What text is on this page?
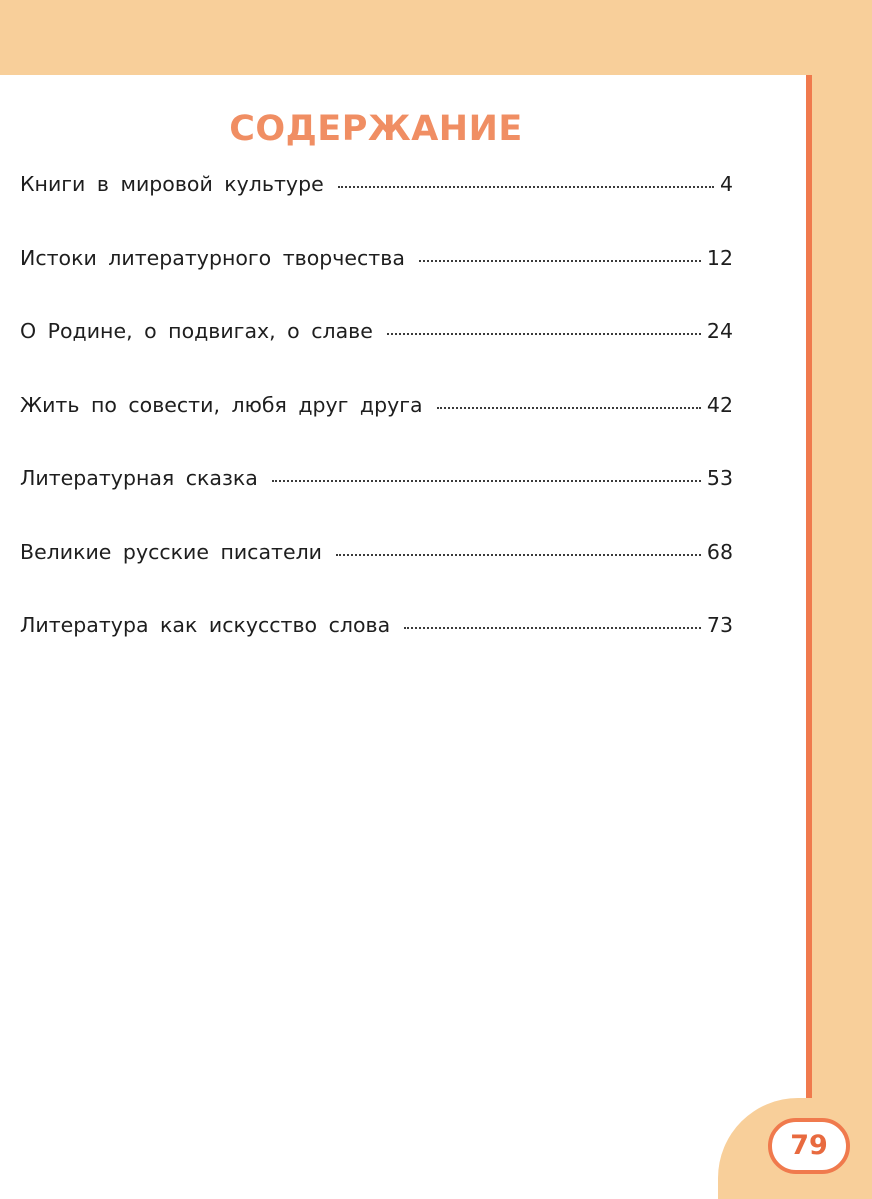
79
СОДЕРЖАНИЕ
Книги в мировой культуре	4
Истоки литературного творчества	12
О Родине, о подвигах, о славе	24
Жить по совести, любя друг друга	42
Литературная сказка	53
Великие русские писатели	68
Литература как искусство слова	73
